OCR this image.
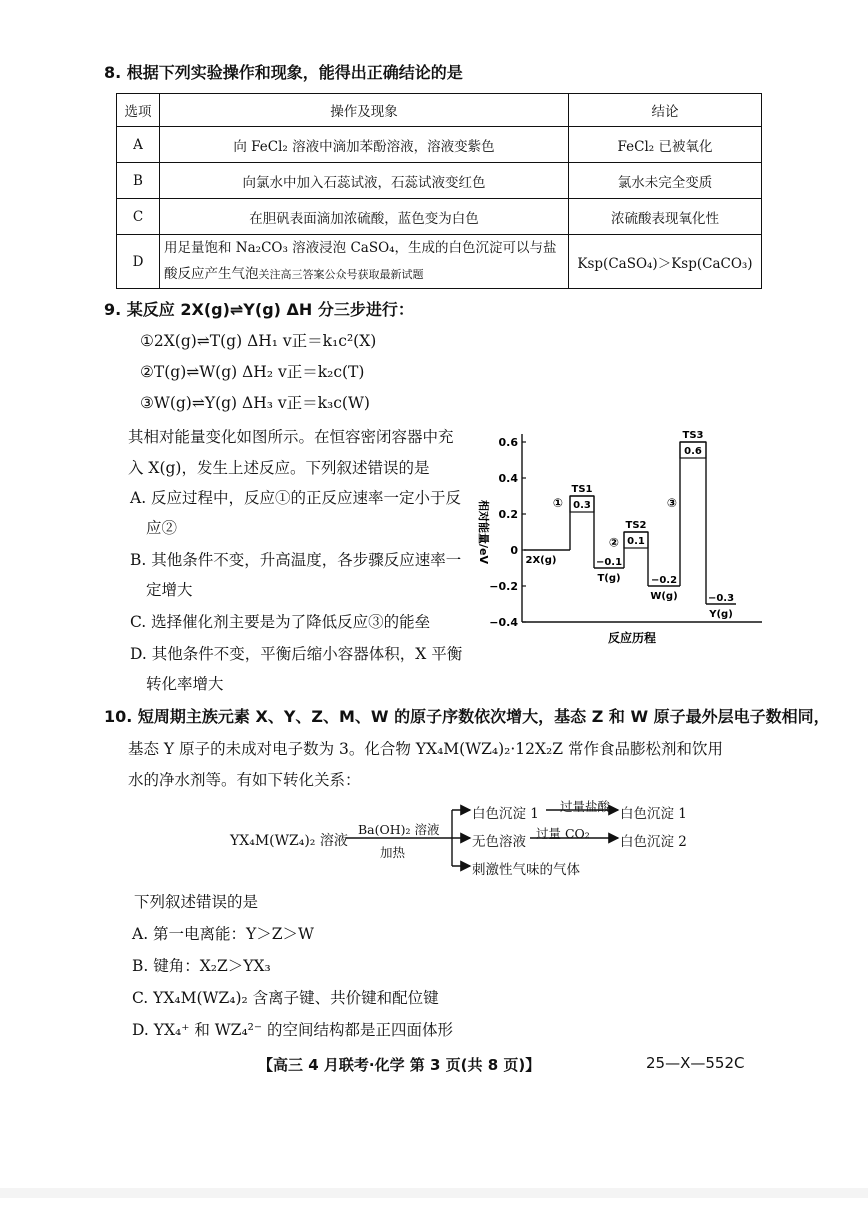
8. 根据下列实验操作和现象，能得出正确结论的是
选项	操作及现象	结论
A	向 FeCl₂ 溶液中滴加苯酚溶液，溶液变紫色	FeCl₂ 已被氧化
B	向氯水中加入石蕊试液，石蕊试液变红色	氯水未完全变质
C	在胆矾表面滴加浓硫酸，蓝色变为白色	浓硫酸表现氧化性
D	用足量饱和 Na₂CO₃ 溶液浸泡 CaSO₄，生成的白色沉淀可以与盐酸反应产生气泡关注高三答案公众号获取最新试题	Ksp(CaSO₄)＞Ksp(CaCO₃)
9. 某反应 2X(g)⇌Y(g) ΔH 分三步进行：
①2X(g)⇌T(g) ΔH₁ v正＝k₁c²(X)
②T(g)⇌W(g) ΔH₂ v正＝k₂c(T)
③W(g)⇌Y(g) ΔH₃ v正＝k₃c(W)
其相对能量变化如图所示。在恒容密闭容器中充
入 X(g)，发生上述反应。下列叙述错误的是
A. 反应过程中，反应①的正反应速率一定小于反
应②
B. 其他条件不变，升高温度，各步骤反应速率一
定增大
C. 选择催化剂主要是为了降低反应③的能垒
D. 其他条件不变，平衡后缩小容器体积，X 平衡
转化率增大
0.6
0.4
0.2
0
−0.2
−0.4
相对能量/eV
反应历程
2X(g)
0.3
TS1
−0.1
T(g)
0.1
TS2
−0.2
W(g)
0.6
TS3
−0.3
Y(g)
①
②
③
10. 短周期主族元素 X、Y、Z、M、W 的原子序数依次增大，基态 Z 和 W 原子最外层电子数相同，
基态 Y 原子的未成对电子数为 3。化合物 YX₄M(WZ₄)₂·12X₂Z 常作食品膨松剂和饮用
水的净水剂等。有如下转化关系：
YX₄M(WZ₄)₂ 溶液
Ba(OH)₂ 溶液
加热
白色沉淀 1 过量盐酸 白色沉淀 1
无色溶液
过量 CO₂
白色沉淀 2
刺激性气味的气体
下列叙述错误的是
A. 第一电离能：Y＞Z＞W
B. 键角：X₂Z＞YX₃
C. YX₄M(WZ₄)₂ 含离子键、共价键和配位键
D. YX₄⁺ 和 WZ₄²⁻ 的空间结构都是正四面体形
【高三 4 月联考·化学 第 3 页(共 8 页)】	25—X—552C
